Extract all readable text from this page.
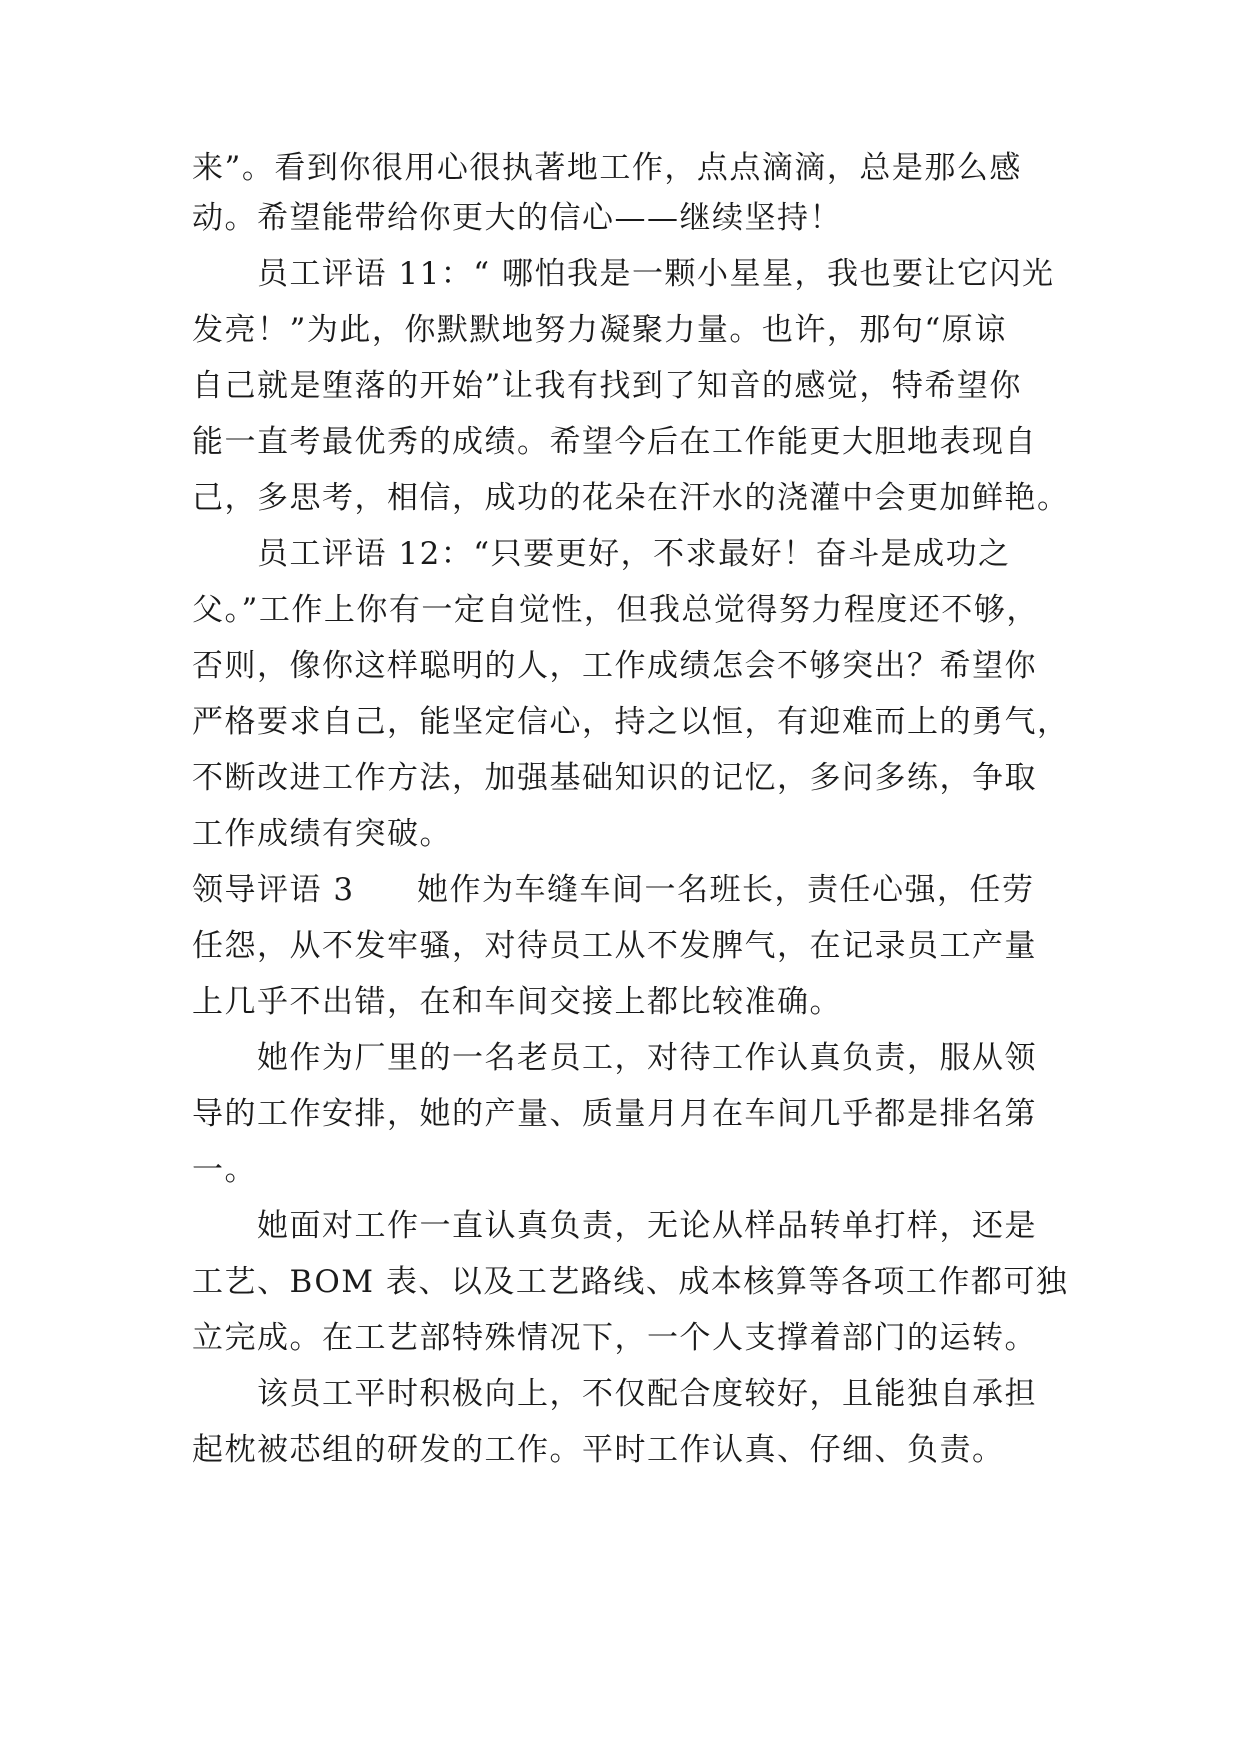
来”。看到你很用心很执著地工作，点点滴滴，总是那么感
动。希望能带给你更大的信心——继续坚持！
员工评语 11：“ 哪怕我是一颗小星星，我也要让它闪光
发亮！”为此，你默默地努力凝聚力量。也许，那句“原谅
自己就是堕落的开始”让我有找到了知音的感觉，特希望你
能一直考最优秀的成绩。希望今后在工作能更大胆地表现自
己，多思考，相信，成功的花朵在汗水的浇灌中会更加鲜艳。
员工评语 12：“只要更好，不求最好！奋斗是成功之
父。”工作上你有一定自觉性，但我总觉得努力程度还不够，
否则，像你这样聪明的人，工作成绩怎会不够突出？希望你
严格要求自己，能坚定信心，持之以恒，有迎难而上的勇气，
不断改进工作方法，加强基础知识的记忆，多问多练，争取
工作成绩有突破。
领导评语 3 她作为车缝车间一名班长，责任心强，任劳
任怨，从不发牢骚，对待员工从不发脾气，在记录员工产量
上几乎不出错，在和车间交接上都比较准确。
她作为厂里的一名老员工，对待工作认真负责，服从领
导的工作安排，她的产量、质量月月在车间几乎都是排名第
一。
她面对工作一直认真负责，无论从样品转单打样，还是
工艺、BOM 表、以及工艺路线、成本核算等各项工作都可独
立完成。在工艺部特殊情况下，一个人支撑着部门的运转。
该员工平时积极向上，不仅配合度较好，且能独自承担
起枕被芯组的研发的工作。平时工作认真、仔细、负责。
